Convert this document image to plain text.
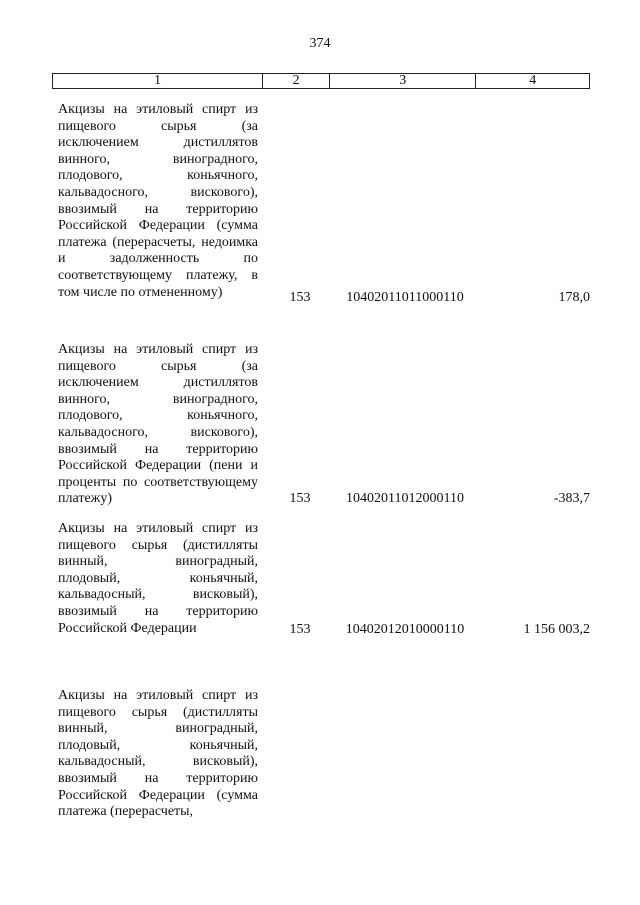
374
1	2	3	4
Акцизы на этиловый спирт из пищевого сырья (за исключением дистиллятов винного, виноградного, плодового, коньячного, кальвадосного, вискового), ввозимый на территорию Российской Федерации (сумма платежа (перерасчеты, недоимка и задолженность по соответствующему платежу, в том числе по отмененному)	153	10402011011000110	178,0
Акцизы на этиловый спирт из пищевого сырья (за исключением дистиллятов винного, виноградного, плодового, коньячного, кальвадосного, вискового), ввозимый на территорию Российской Федерации (пени и проценты по соответствующему платежу)	153	10402011012000110	-383,7
Акцизы на этиловый спирт из пищевого сырья (дистилляты винный, виноградный, плодовый, коньячный, кальвадосный, висковый), ввозимый на территорию Российской Федерации	153	10402012010000110	1 156 003,2
Акцизы на этиловый спирт из пищевого сырья (дистилляты винный, виноградный, плодовый, коньячный, кальвадосный, висковый), ввозимый на территорию Российской Федерации (сумма платежа (перерасчеты,
